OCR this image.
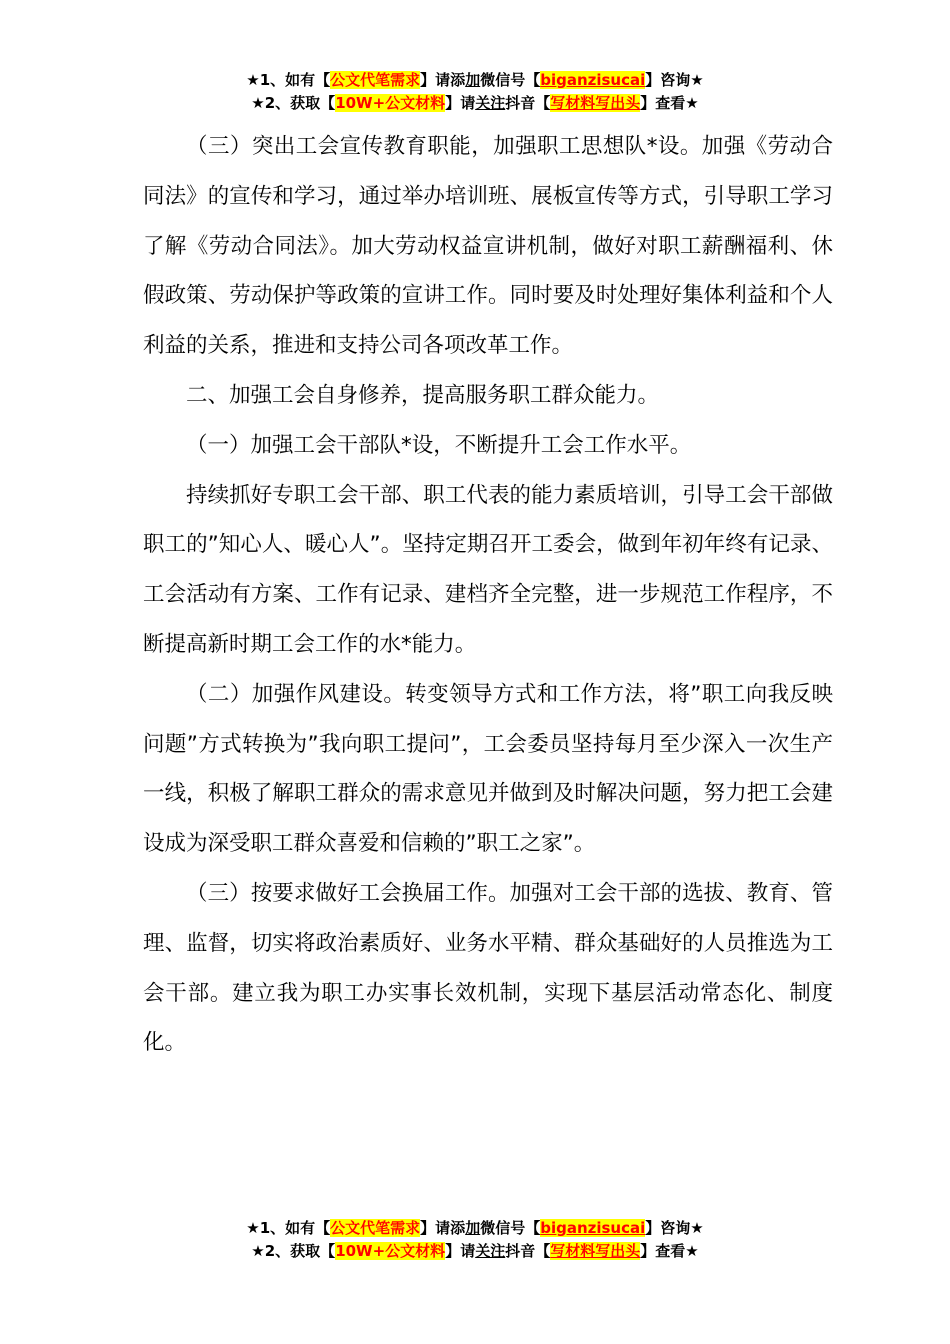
★1、如有【公文代笔需求】请添加微信号【biganzisucai】咨询★
★2、获取【10W+公文材料】请关注抖音【写材料写出头】查看★

（三）突出工会宣传教育职能，加强职工思想队*设。加强《劳动合同法》的宣传和学习，通过举办培训班、展板宣传等方式，引导职工学习了解《劳动合同法》。加大劳动权益宣讲机制，做好对职工薪酬福利、休假政策、劳动保护等政策的宣讲工作。同时要及时处理好集体利益和个人利益的关系，推进和支持公司各项改革工作。

二、加强工会自身修养，提高服务职工群众能力。

（一）加强工会干部队*设，不断提升工会工作水平。

持续抓好专职工会干部、职工代表的能力素质培训，引导工会干部做职工的”知心人、暖心人”。坚持定期召开工委会，做到年初年终有记录、工会活动有方案、工作有记录、建档齐全完整，进一步规范工作程序，不断提高新时期工会工作的水*能力。

（二）加强作风建设。转变领导方式和工作方法，将”职工向我反映问题”方式转换为”我向职工提问”，工会委员坚持每月至少深入一次生产一线，积极了解职工群众的需求意见并做到及时解决问题，努力把工会建设成为深受职工群众喜爱和信赖的”职工之家”。

（三）按要求做好工会换届工作。加强对工会干部的选拔、教育、管理、监督，切实将政治素质好、业务水平精、群众基础好的人员推选为工会干部。建立我为职工办实事长效机制，实现下基层活动常态化、制度化。

★1、如有【公文代笔需求】请添加微信号【biganzisucai】咨询★
★2、获取【10W+公文材料】请关注抖音【写材料写出头】查看★
